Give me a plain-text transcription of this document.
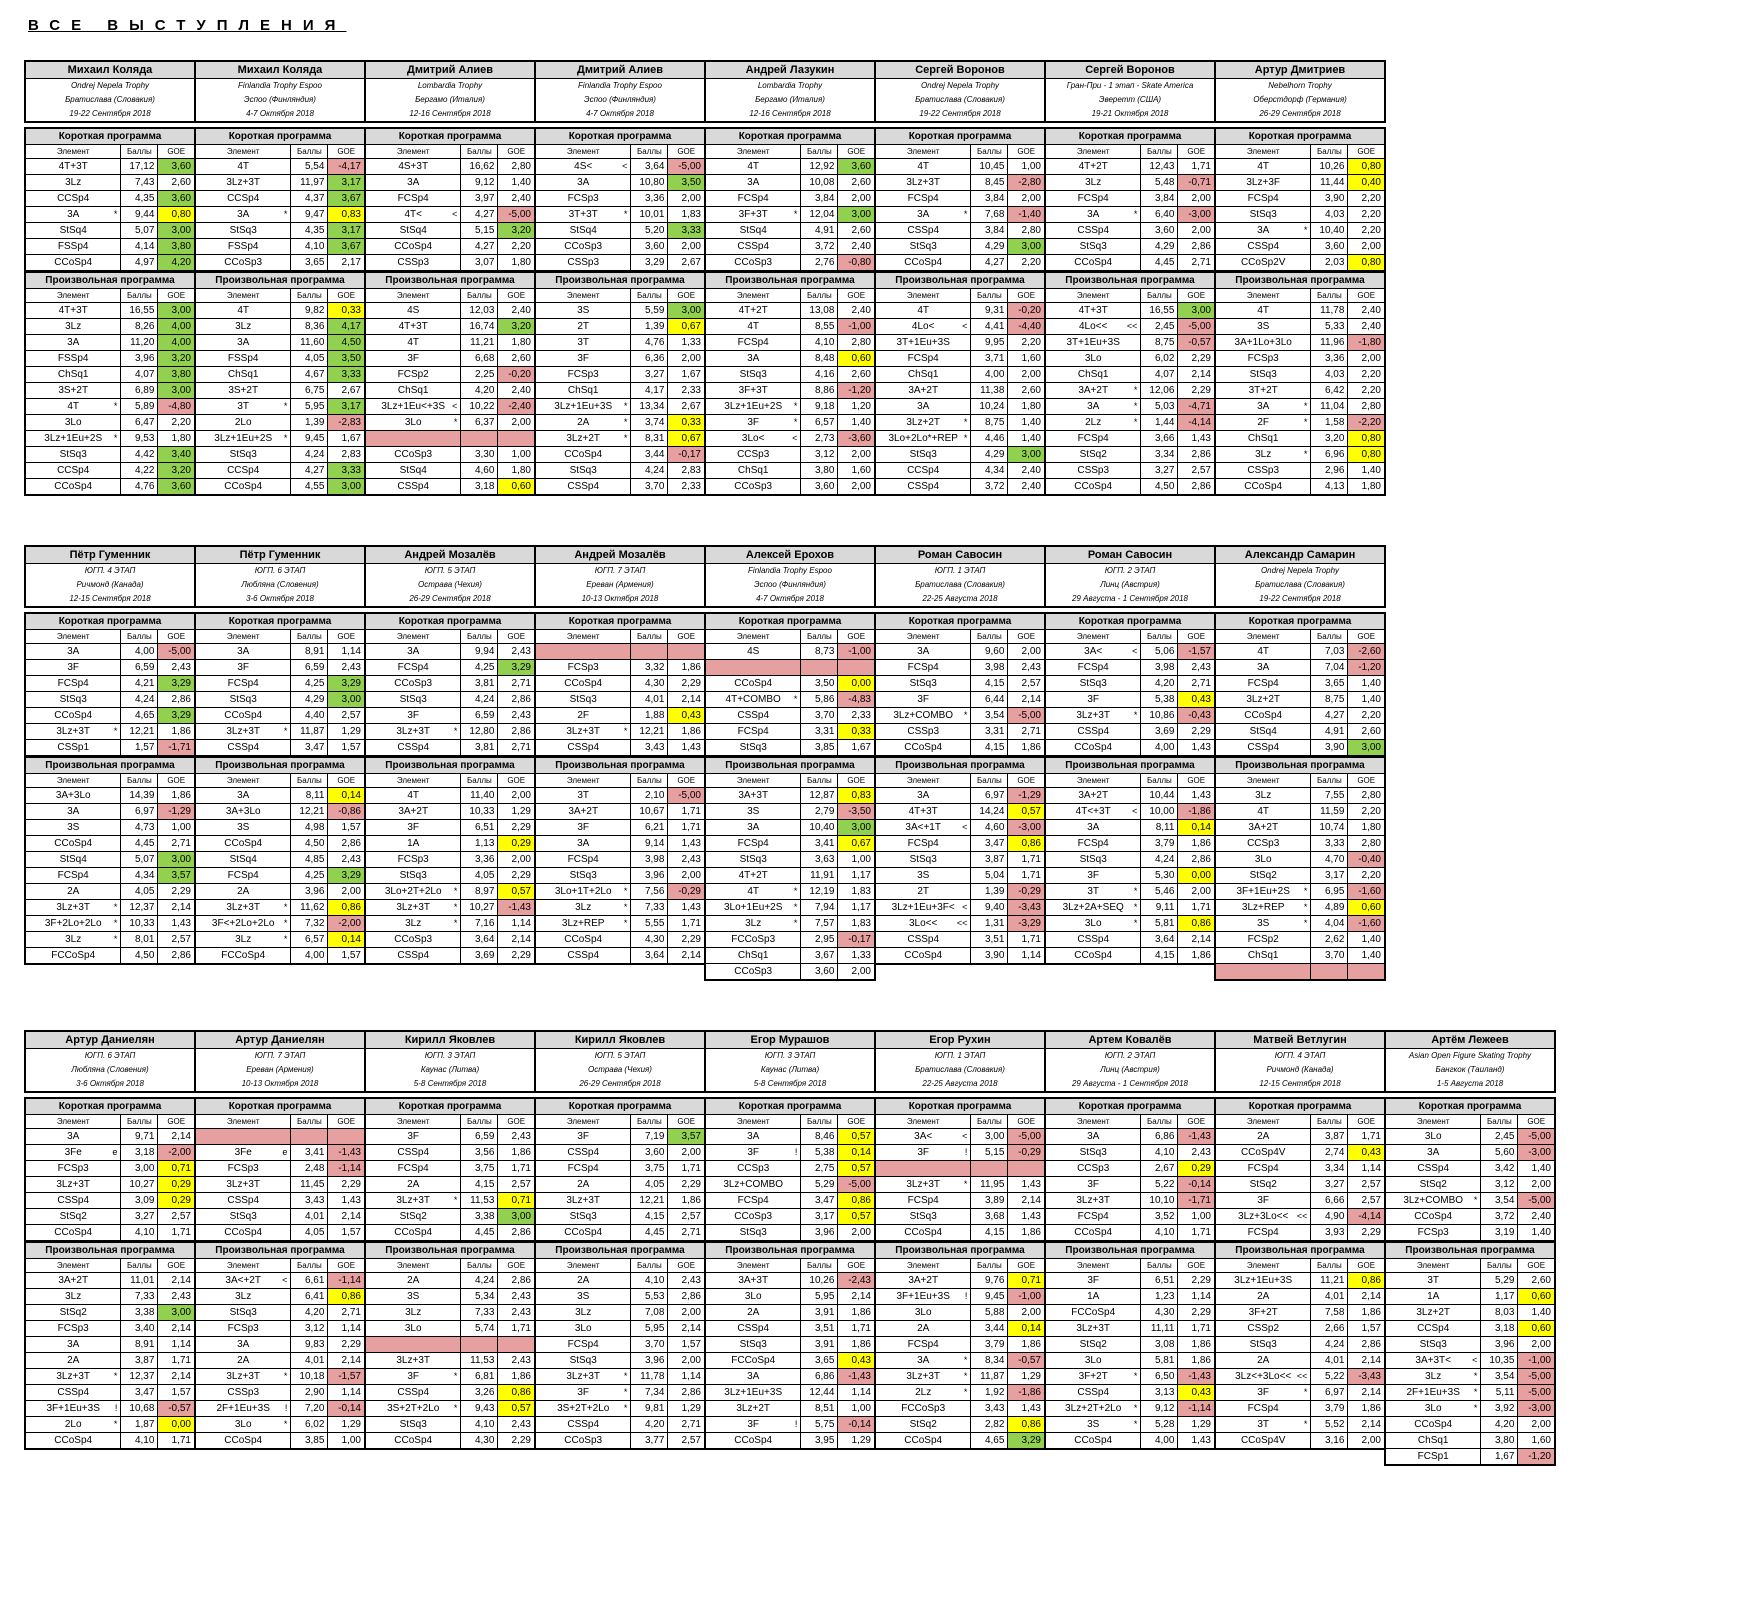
ВСЕ ВЫСТУПЛЕНИЯ
Михаил Коляда
Ondrej Nepela Trophy
Братислава (Словакия)
19-22 Сентября 2018
Короткая программа		
Элемент	Баллы	GOE
4T+3T	17,12	3,60
3Lz	7,43	2,60
CCSp4	4,35	3,60
3A *	9,44	0,80
StSq4	5,07	3,00
FSSp4	4,14	3,80
CCoSp4	4,97	4,20
Произвольная программа		
Элемент	Баллы	GOE
4T+3T	16,55	3,00
3Lz	8,26	4,00
3A	11,20	4,00
FSSp4	3,96	3,20
ChSq1	4,07	3,80
3S+2T	6,89	3,00
4T *	5,89	-4,80
3Lo	6,47	2,20
3Lz+1Eu+2S *	9,53	1,80
StSq3	4,42	3,40
CCSp4	4,22	3,20
CCoSp4	4,76	3,60
Михаил Коляда
Finlandia Trophy Espoo
Эспоо (Финляндия)
4-7 Октября 2018
Короткая программа		
Элемент	Баллы	GOE
4T	5,54	-4,17
3Lz+3T	11,97	3,17
CCSp4	4,37	3,67
3A *	9,47	0,83
StSq3	4,35	3,17
FSSp4	4,10	3,67
CCoSp3	3,65	2,17
Произвольная программа		
Элемент	Баллы	GOE
4T	9,82	0,33
3Lz	8,36	4,17
3A	11,60	4,50
FSSp4	4,05	3,50
ChSq1	4,67	3,33
3S+2T	6,75	2,67
3T *	5,95	3,17
2Lo	1,39	-2,83
3Lz+1Eu+2S *	9,45	1,67
StSq3	4,24	2,83
CCSp4	4,27	3,33
CCoSp4	4,55	3,00
Дмитрий Алиев
Lombardia Trophy
Бергамо (Италия)
12-16 Сентября 2018
Короткая программа		
Элемент	Баллы	GOE
4S+3T	16,62	2,80
3A	9,12	1,40
FCSp4	3,97	2,40
4T< <	4,27	-5,00
StSq4	5,15	3,20
CCoSp4	4,27	2,20
CSSp3	3,07	1,80
Произвольная программа		
Элемент	Баллы	GOE
4S	12,03	2,40
4T+3T	16,74	3,20
4T	11,21	1,80
3F	6,68	2,60
FCSp2	2,25	-0,20
ChSq1	4,20	2,40
3Lz+1Eu<+3S <	10,22	-2,40
3Lo *	6,37	2,00

CCoSp3	3,30	1,00
StSq4	4,60	1,80
CSSp4	3,18	0,60
Дмитрий Алиев
Finlandia Trophy Espoo
Эспоо (Финляндия)
4-7 Октября 2018
Короткая программа		
Элемент	Баллы	GOE
4S< <	3,64	-5,00
3A	10,80	3,50
FCSp3	3,36	2,00
3T+3T *	10,01	1,83
StSq4	5,20	3,33
CCoSp3	3,60	2,00
CSSp3	3,29	2,67
Произвольная программа		
Элемент	Баллы	GOE
3S	5,59	3,00
2T	1,39	0,67
3T	4,76	1,33
3F	6,36	2,00
FCSp3	3,27	1,67
ChSq1	4,17	2,33
3Lz+1Eu+3S *	13,34	2,67
2A *	3,74	0,33
3Lz+2T *	8,31	0,67
CCoSp4	3,44	-0,17
StSq3	4,24	2,83
CSSp4	3,70	2,33
Андрей Лазукин
Lombardia Trophy
Бергамо (Италия)
12-16 Сентября 2018
Короткая программа		
Элемент	Баллы	GOE
4T	12,92	3,60
3A	10,08	2,60
FCSp4	3,84	2,00
3F+3T *	12,04	3,00
StSq4	4,91	2,60
CSSp4	3,72	2,40
CCoSp3	2,76	-0,80
Произвольная программа		
Элемент	Баллы	GOE
4T+2T	13,08	2,40
4T	8,55	-1,00
FCSp4	4,10	2,80
3A	8,48	0,60
StSq3	4,16	2,60
3F+3T	8,86	-1,20
3Lz+1Eu+2S *	9,18	1,20
3F *	6,57	1,40
3Lo< <	2,73	-3,60
CCSp3	3,12	2,00
ChSq1	3,80	1,60
CCoSp3	3,60	2,00
Сергей Воронов
Ondrej Nepela Trophy
Братислава (Словакия)
19-22 Сентября 2018
Короткая программа		
Элемент	Баллы	GOE
4T	10,45	1,00
3Lz+3T	8,45	-2,80
FCSp4	3,84	2,00
3A *	7,68	-1,40
CSSp4	3,84	2,80
StSq3	4,29	3,00
CCoSp4	4,27	2,20
Произвольная программа		
Элемент	Баллы	GOE
4T	9,31	-0,20
4Lo< <	4,41	-4,40
3T+1Eu+3S	9,95	2,20
FCSp4	3,71	1,60
ChSq1	4,00	2,00
3A+2T	11,38	2,60
3A	10,24	1,80
3Lz+2T *	8,75	1,40
3Lo+2Lo*+REP *	4,46	1,40
StSq3	4,29	3,00
CCSp4	4,34	2,40
CSSp4	3,72	2,40
Сергей Воронов
Гран-При - 1 этап - Skate America
Эверетт (США)
19-21 Октября 2018
Короткая программа		
Элемент	Баллы	GOE
4T+2T	12,43	1,71
3Lz	5,48	-0,71
FCSp4	3,84	2,00
3A *	6,40	-3,00
CSSp4	3,60	2,00
StSq3	4,29	2,86
CCoSp4	4,45	2,71
Произвольная программа		
Элемент	Баллы	GOE
4T+3T	16,55	3,00
4Lo<< <<	2,45	-5,00
3T+1Eu+3S	8,75	-0,57
3Lo	6,02	2,29
ChSq1	4,07	2,14
3A+2T *	12,06	2,29
3A *	5,03	-4,71
2Lz *	1,44	-4,14
FCSp4	3,66	1,43
StSq2	3,34	2,86
CSSp3	3,27	2,57
CCoSp4	4,50	2,86
Артур Дмитриев
Nebelhorn Trophy
Оберстдорф (Германия)
26-29 Сентября 2018
Короткая программа		
Элемент	Баллы	GOE
4T	10,26	0,80
3Lz+3F	11,44	0,40
FCSp4	3,90	2,20
StSq3	4,03	2,20
3A *	10,40	2,20
CSSp4	3,60	2,00
CCoSp2V	2,03	0,80
Произвольная программа		
Элемент	Баллы	GOE
4T	11,78	2,40
3S	5,33	2,40
3A+1Lo+3Lo	11,96	-1,80
FCSp3	3,36	2,00
StSq3	4,03	2,20
3T+2T	6,42	2,20
3A *	11,04	2,80
2F *	1,58	-2,20
ChSq1	3,20	0,80
3Lz *	6,96	0,80
CSSp3	2,96	1,40
CCoSp4	4,13	1,80
Пётр Гуменник
ЮГП. 4 ЭТАП
Ричмонд (Канада)
12-15 Сентября 2018
Короткая программа		
Элемент	Баллы	GOE
3A	4,00	-5,00
3F	6,59	2,43
FCSp4	4,21	3,29
StSq3	4,24	2,86
CCoSp4	4,65	3,29
3Lz+3T *	12,21	1,86
CSSp1	1,57	-1,71
Произвольная программа		
Элемент	Баллы	GOE
3A+3Lo	14,39	1,86
3A	6,97	-1,29
3S	4,73	1,00
CCoSp4	4,45	2,71
StSq4	5,07	3,00
FCSp4	4,34	3,57
2A	4,05	2,29
3Lz+3T *	12,37	2,14
3F+2Lo+2Lo *	10,33	1,43
3Lz *	8,01	2,57
FCCoSp4	4,50	2,86
Пётр Гуменник
ЮГП. 6 ЭТАП
Любляна (Словения)
3-6 Октября 2018
Короткая программа		
Элемент	Баллы	GOE
3A	8,91	1,14
3F	6,59	2,43
FCSp4	4,25	3,29
StSq3	4,29	3,00
CCoSp4	4,40	2,57
3Lz+3T *	11,87	1,29
CSSp4	3,47	1,57
Произвольная программа		
Элемент	Баллы	GOE
3A	8,11	0,14
3A+3Lo	12,21	-0,86
3S	4,98	1,57
CCoSp4	4,50	2,86
StSq4	4,85	2,43
FCSp4	4,25	3,29
2A	3,96	2,00
3Lz+3T *	11,62	0,86
3F<+2Lo+2Lo *	7,32	-2,00
3Lz *	6,57	0,14
FCCoSp4	4,00	1,57
Андрей Мозалёв
ЮГП. 5 ЭТАП
Острава (Чехия)
26-29 Сентября 2018
Короткая программа		
Элемент	Баллы	GOE
3A	9,94	2,43
FCSp4	4,25	3,29
CCoSp3	3,81	2,71
StSq3	4,24	2,86
3F	6,59	2,43
3Lz+3T *	12,80	2,86
CSSp4	3,81	2,71
Произвольная программа		
Элемент	Баллы	GOE
4T	11,40	2,00
3A+2T	10,33	1,29
3F	6,51	2,29
1A	1,13	0,29
FCSp3	3,36	2,00
StSq3	4,05	2,29
3Lo+2T+2Lo *	8,97	0,57
3Lz+3T *	10,27	-1,43
3Lz *	7,16	1,14
CCoSp3	3,64	2,14
CSSp4	3,69	2,29
Андрей Мозалёв
ЮГП. 7 ЭТАП
Ереван (Армения)
10-13 Октября 2018
Короткая программа		
Элемент	Баллы	GOE

FCSp3	3,32	1,86
CCoSp4	4,30	2,29
StSq3	4,01	2,14
2F	1,88	0,43
3Lz+3T *	12,21	1,86
CSSp4	3,43	1,43
Произвольная программа		
Элемент	Баллы	GOE
3T	2,10	-5,00
3A+2T	10,67	1,71
3F	6,21	1,71
3A	9,14	1,43
FCSp4	3,98	2,43
StSq3	3,96	2,00
3Lo+1T+2Lo *	7,56	-0,29
3Lz *	7,33	1,43
3Lz+REP *	5,55	1,71
CCoSp4	4,30	2,29
CSSp4	3,64	2,14
Алексей Ерохов
Finlandia Trophy Espoo
Эспоо (Финляндия)
4-7 Октября 2018
Короткая программа		
Элемент	Баллы	GOE
4S	8,73	-1,00

CCoSp4	3,50	0,00
4T+COMBO *	5,86	-4,83
CSSp4	3,70	2,33
FCSp4	3,31	0,33
StSq3	3,85	1,67
Произвольная программа		
Элемент	Баллы	GOE
3A+3T	12,87	0,83
3S	2,79	-3,50
3A	10,40	3,00
FCSp4	3,41	0,67
StSq3	3,63	1,00
4T+2T	11,91	1,17
4T *	12,19	1,83
3Lo+1Eu+2S *	7,94	1,17
3Lz *	7,57	1,83
FCCoSp3	2,95	-0,17
ChSq1	3,67	1,33
CCoSp3	3,60	2,00
Роман Савосин
ЮГП. 1 ЭТАП
Братислава (Словакия)
22-25 Августа 2018
Короткая программа		
Элемент	Баллы	GOE
3A	9,60	2,00
FCSp4	3,98	2,43
StSq3	4,15	2,57
3F	6,44	2,14
3Lz+COMBO *	3,54	-5,00
CSSp3	3,31	2,71
CCoSp4	4,15	1,86
Произвольная программа		
Элемент	Баллы	GOE
3A	6,97	-1,29
4T+3T	14,24	0,57
3A<+1T <	4,60	-3,00
FCSp4	3,47	0,86
StSq3	3,87	1,71
3S	5,04	1,71
2T	1,39	-0,29
3Lz+1Eu+3F< <	9,40	-3,43
3Lo<< <<	1,31	-3,29
CSSp4	3,51	1,71
CCoSp4	3,90	1,14
Роман Савосин
ЮГП. 2 ЭТАП
Линц (Австрия)
29 Августа - 1 Сентября 2018
Короткая программа		
Элемент	Баллы	GOE
3A< <	5,06	-1,57
FCSp4	3,98	2,43
StSq3	4,20	2,71
3F	5,38	0,43
3Lz+3T *	10,86	-0,43
CSSp4	3,69	2,29
CCoSp4	4,00	1,43
Произвольная программа		
Элемент	Баллы	GOE
3A+2T	10,44	1,43
4T<+3T <	10,00	-1,86
3A	8,11	0,14
FCSp4	3,79	1,86
StSq3	4,24	2,86
3F	5,30	0,00
3T *	5,46	2,00
3Lz+2A+SEQ *	9,11	1,71
3Lo *	5,81	0,86
CSSp4	3,64	2,14
CCoSp4	4,15	1,86
Александр Самарин
Ondrej Nepela Trophy
Братислава (Словакия)
19-22 Сентября 2018
Короткая программа		
Элемент	Баллы	GOE
4T	7,03	-2,60
3A	7,04	-1,20
FCSp4	3,65	1,40
3Lz+2T	8,75	1,40
CCoSp4	4,27	2,20
StSq4	4,91	2,60
CSSp4	3,90	3,00
Произвольная программа		
Элемент	Баллы	GOE
3Lz	7,55	2,80
4T	11,59	2,20
3A+2T	10,74	1,80
CCSp3	3,33	2,80
3Lo	4,70	-0,40
StSq2	3,17	2,20
3F+1Eu+2S *	6,95	-1,60
3Lz+REP *	4,89	0,60
3S *	4,04	-1,60
FCSp2	2,62	1,40
ChSq1	3,70	1,40

Артур Даниелян
ЮГП. 6 ЭТАП
Любляна (Словения)
3-6 Октября 2018
Короткая программа		
Элемент	Баллы	GOE
3A	9,71	2,14
3Fe e	3,18	-2,00
FCSp3	3,00	0,71
3Lz+3T	10,27	0,29
CSSp4	3,09	0,29
StSq2	3,27	2,57
CCoSp4	4,10	1,71
Произвольная программа		
Элемент	Баллы	GOE
3A+2T	11,01	2,14
3Lz	7,33	2,43
StSq2	3,38	3,00
FCSp3	3,40	2,14
3A	8,91	1,14
2A	3,87	1,71
3Lz+3T *	12,37	2,14
CSSp4	3,47	1,57
3F+1Eu+3S !	10,68	-0,57
2Lo *	1,87	0,00
CCoSp4	4,10	1,71
Артур Даниелян
ЮГП. 7 ЭТАП
Ереван (Армения)
10-13 Октября 2018
Короткая программа		
Элемент	Баллы	GOE

3Fe e	3,41	-1,43
FCSp3	2,48	-1,14
3Lz+3T	11,45	2,29
CSSp4	3,43	1,43
StSq3	4,01	2,14
CCoSp4	4,05	1,57
Произвольная программа		
Элемент	Баллы	GOE
3A<+2T <	6,61	-1,14
3Lz	6,41	0,86
StSq3	4,20	2,71
FCSp3	3,12	1,14
3A	9,83	2,29
2A	4,01	2,14
3Lz+3T *	10,18	-1,57
CSSp3	2,90	1,14
2F+1Eu+3S !	7,20	-0,14
3Lo *	6,02	1,29
CCoSp4	3,85	1,00
Кирилл Яковлев
ЮГП. 3 ЭТАП
Каунас (Литва)
5-8 Сентября 2018
Короткая программа		
Элемент	Баллы	GOE
3F	6,59	2,43
CSSp4	3,56	1,86
FCSp4	3,75	1,71
2A	4,15	2,57
3Lz+3T *	11,53	0,71
StSq2	3,38	3,00
CCoSp4	4,45	2,86
Произвольная программа		
Элемент	Баллы	GOE
2A	4,24	2,86
3S	5,34	2,43
3Lz	7,33	2,43
3Lo	5,74	1,71

3Lz+3T	11,53	2,43
3F *	6,81	1,86
CSSp4	3,26	0,86
3S+2T+2Lo *	9,43	0,57
StSq3	4,10	2,43
CCoSp4	4,30	2,29
Кирилл Яковлев
ЮГП. 5 ЭТАП
Острава (Чехия)
26-29 Сентября 2018
Короткая программа		
Элемент	Баллы	GOE
3F	7,19	3,57
CSSp4	3,60	2,00
FCSp4	3,75	1,71
2A	4,05	2,29
3Lz+3T	12,21	1,86
StSq3	4,15	2,57
CCoSp4	4,45	2,71
Произвольная программа		
Элемент	Баллы	GOE
2A	4,10	2,43
3S	5,53	2,86
3Lz	7,08	2,00
3Lo	5,95	2,14
FCSp4	3,70	1,57
StSq3	3,96	2,00
3Lz+3T *	11,78	1,14
3F *	7,34	2,86
3S+2T+2Lo *	9,81	1,29
CSSp4	4,20	2,71
CCoSp3	3,77	2,57
Егор Мурашов
ЮГП. 3 ЭТАП
Каунас (Литва)
5-8 Сентября 2018
Короткая программа		
Элемент	Баллы	GOE
3A	8,46	0,57
3F !	5,38	0,14
CCSp3	2,75	0,57
3Lz+COMBO	5,29	-5,00
FCSp4	3,47	0,86
CCoSp3	3,17	0,57
StSq3	3,96	2,00
Произвольная программа		
Элемент	Баллы	GOE
3A+3T	10,26	-2,43
3Lo	5,95	2,14
2A	3,91	1,86
CSSp4	3,51	1,71
StSq3	3,91	1,86
FCCoSp4	3,65	0,43
3A	6,86	-1,43
3Lz+1Eu+3S	12,44	1,14
3Lz+2T	8,51	1,00
3F !	5,75	-0,14
CCoSp4	3,95	1,29
Егор Рухин
ЮГП. 1 ЭТАП
Братислава (Словакия)
22-25 Августа 2018
Короткая программа		
Элемент	Баллы	GOE
3A< <	3,00	-5,00
3F !	5,15	-0,29

3Lz+3T *	11,95	1,43
FCSp4	3,89	2,14
StSq3	3,68	1,43
CCoSp4	4,15	1,86
Произвольная программа		
Элемент	Баллы	GOE
3A+2T	9,76	0,71
3F+1Eu+3S !	9,45	-1,00
3Lo	5,88	2,00
2A	3,44	0,14
FCSp4	3,79	1,86
3A *	8,34	-0,57
3Lz+3T *	11,87	1,29
2Lz *	1,92	-1,86
FCCoSp3	3,43	1,43
StSq2	2,82	0,86
CCoSp4	4,65	3,29
Артем Ковалёв
ЮГП. 2 ЭТАП
Линц (Австрия)
29 Августа - 1 Сентября 2018
Короткая программа		
Элемент	Баллы	GOE
3A	6,86	-1,43
StSq3	4,10	2,43
CCSp3	2,67	0,29
3F	5,22	-0,14
3Lz+3T	10,10	-1,71
FCSp4	3,52	1,00
CCoSp4	4,10	1,71
Произвольная программа		
Элемент	Баллы	GOE
3F	6,51	2,29
1A	1,23	1,14
FCCoSp4	4,30	2,29
3Lz+3T	11,11	1,71
StSq2	3,08	1,86
3Lo	5,81	1,86
3F+2T *	6,50	-1,43
CSSp4	3,13	0,43
3Lz+2T+2Lo *	9,12	-1,14
3S *	5,28	1,29
CCoSp4	4,00	1,43
Матвей Ветлугин
ЮГП. 4 ЭТАП
Ричмонд (Канада)
12-15 Сентября 2018
Короткая программа		
Элемент	Баллы	GOE
2A	3,87	1,71
CCoSp4V	2,74	0,43
FCSp4	3,34	1,14
StSq2	3,27	2,57
3F	6,66	2,57
3Lz+3Lo<< <<	4,90	-4,14
FCSp4	3,93	2,29
Произвольная программа		
Элемент	Баллы	GOE
3Lz+1Eu+3S	11,21	0,86
2A	4,01	2,14
3F+2T	7,58	1,86
CSSp2	2,66	1,57
StSq3	4,24	2,86
2A	4,01	2,14
3Lz<+3Lo<< <<	5,22	-3,43
3F *	6,97	2,14
FCSp4	3,79	1,86
3T *	5,52	2,14
CCoSp4V	3,16	2,00
Артём Лежеев
Asian Open Figure Skating Trophy
Бангкок (Таиланд)
1-5 Августа 2018
Короткая программа		
Элемент	Баллы	GOE
3Lo	2,45	-5,00
3A	5,60	-3,00
CSSp4	3,42	1,40
StSq2	3,12	2,00
3Lz+COMBO *	3,54	-5,00
CCoSp4	3,72	2,40
FCSp3	3,19	1,40
Произвольная программа		
Элемент	Баллы	GOE
3T	5,29	2,60
1A	1,17	0,60
3Lz+2T	8,03	1,40
CCSp4	3,18	0,60
StSq3	3,96	2,00
3A+3T< <	10,35	-1,00
3Lz *	3,54	-5,00
2F+1Eu+3S *	5,11	-5,00
3Lo *	3,92	-3,00
CCoSp4	4,20	2,00
ChSq1	3,80	1,60
FCSp1	1,67	-1,20
